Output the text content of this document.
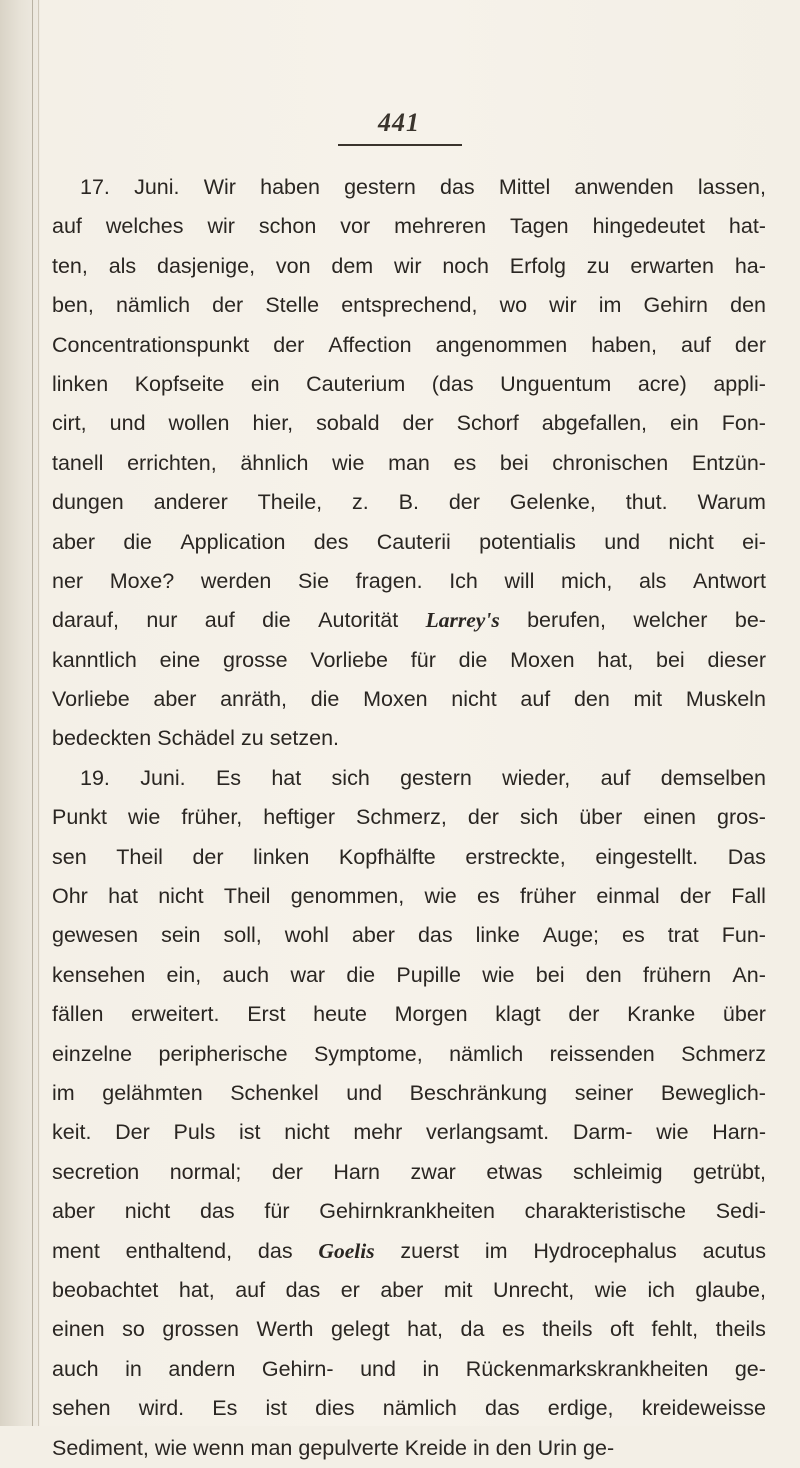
441
17. Juni. Wir haben gestern das Mittel anwenden lassen,
auf welches wir schon vor mehreren Tagen hingedeutet hat-
ten, als dasjenige, von dem wir noch Erfolg zu erwarten ha-
ben, nämlich der Stelle entsprechend, wo wir im Gehirn den
Concentrationspunkt der Affection angenommen haben, auf der
linken Kopfseite ein Cauterium (das Unguentum acre) appli-
cirt, und wollen hier, sobald der Schorf abgefallen, ein Fon-
tanell errichten, ähnlich wie man es bei chronischen Entzün-
dungen anderer Theile, z. B. der Gelenke, thut. Warum
aber die Application des Cauterii potentialis und nicht ei-
ner Moxe? werden Sie fragen. Ich will mich, als Antwort
darauf, nur auf die Autorität Larrey's berufen, welcher be-
kanntlich eine grosse Vorliebe für die Moxen hat, bei dieser
Vorliebe aber anräth, die Moxen nicht auf den mit Muskeln
bedeckten Schädel zu setzen.
19. Juni. Es hat sich gestern wieder, auf demselben
Punkt wie früher, heftiger Schmerz, der sich über einen gros-
sen Theil der linken Kopfhälfte erstreckte, eingestellt. Das
Ohr hat nicht Theil genommen, wie es früher einmal der Fall
gewesen sein soll, wohl aber das linke Auge; es trat Fun-
kensehen ein, auch war die Pupille wie bei den frühern An-
fällen erweitert. Erst heute Morgen klagt der Kranke über
einzelne peripherische Symptome, nämlich reissenden Schmerz
im gelähmten Schenkel und Beschränkung seiner Beweglich-
keit. Der Puls ist nicht mehr verlangsamt. Darm- wie Harn-
secretion normal; der Harn zwar etwas schleimig getrübt,
aber nicht das für Gehirnkrankheiten charakteristische Sedi-
ment enthaltend, das Goelis zuerst im Hydrocephalus acutus
beobachtet hat, auf das er aber mit Unrecht, wie ich glaube,
einen so grossen Werth gelegt hat, da es theils oft fehlt, theils
auch in andern Gehirn- und in Rückenmarkskrankheiten ge-
sehen wird. Es ist dies nämlich das erdige, kreideweisse
Sediment, wie wenn man gepulverte Kreide in den Urin ge-
